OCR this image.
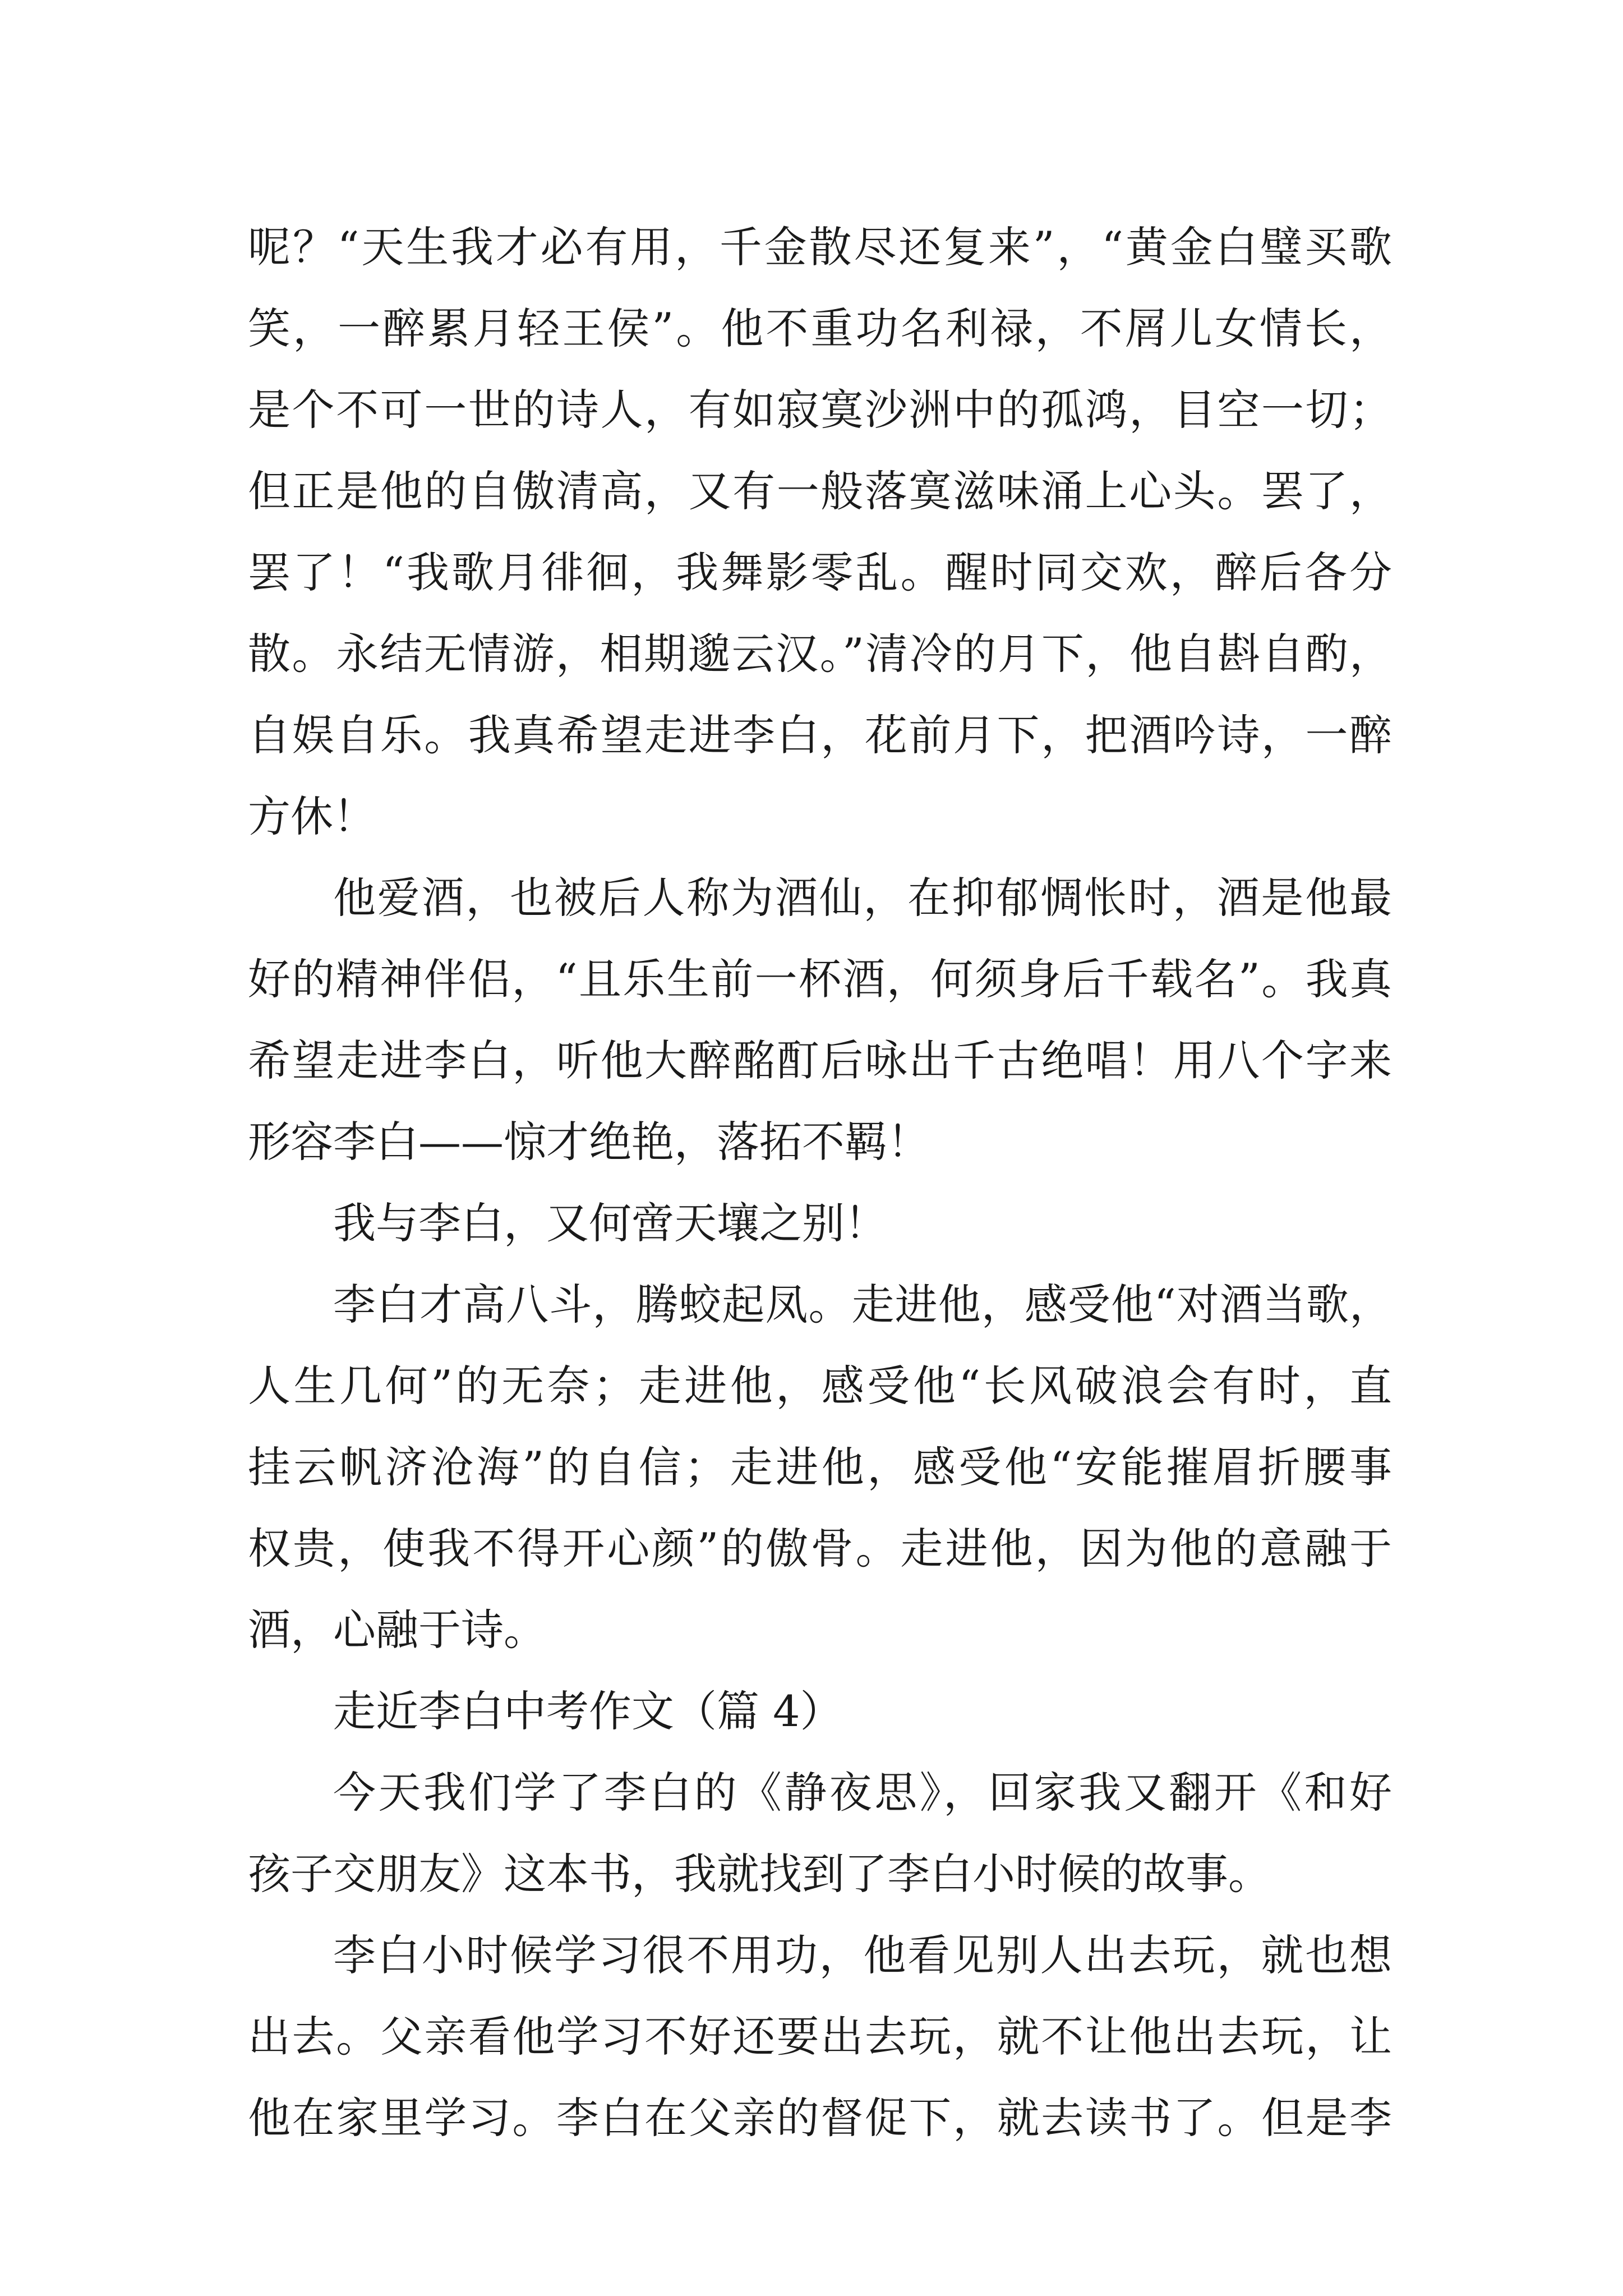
呢？“天生我才必有用，千金散尽还复来”，“黄金白璧买歌
笑，一醉累月轻王侯”。他不重功名利禄，不屑儿女情长，
是个不可一世的诗人，有如寂寞沙洲中的孤鸿，目空一切；
但正是他的自傲清高，又有一般落寞滋味涌上心头。罢了，
罢了！“我歌月徘徊，我舞影零乱。醒时同交欢，醉后各分
散。永结无情游，相期邈云汉。”清冷的月下，他自斟自酌，
自娱自乐。我真希望走进李白，花前月下，把酒吟诗，一醉
方休！
他爱酒，也被后人称为酒仙，在抑郁惆怅时，酒是他最
好的精神伴侣，“且乐生前一杯酒，何须身后千载名”。我真
希望走进李白，听他大醉酩酊后咏出千古绝唱！用八个字来
形容李白——惊才绝艳，落拓不羁！
我与李白，又何啻天壤之别！
李白才高八斗，腾蛟起凤。走进他，感受他“对酒当歌，
人生几何”的无奈；走进他，感受他“长风破浪会有时，直
挂云帆济沧海”的自信；走进他，感受他“安能摧眉折腰事
权贵，使我不得开心颜”的傲骨。走进他，因为他的意融于
酒，心融于诗。
走近李白中考作文（篇 4）
今天我们学了李白的《静夜思》，回家我又翻开《和好
孩子交朋友》这本书，我就找到了李白小时候的故事。
李白小时候学习很不用功，他看见别人出去玩，就也想
出去。父亲看他学习不好还要出去玩，就不让他出去玩，让
他在家里学习。李白在父亲的督促下，就去读书了。但是李
